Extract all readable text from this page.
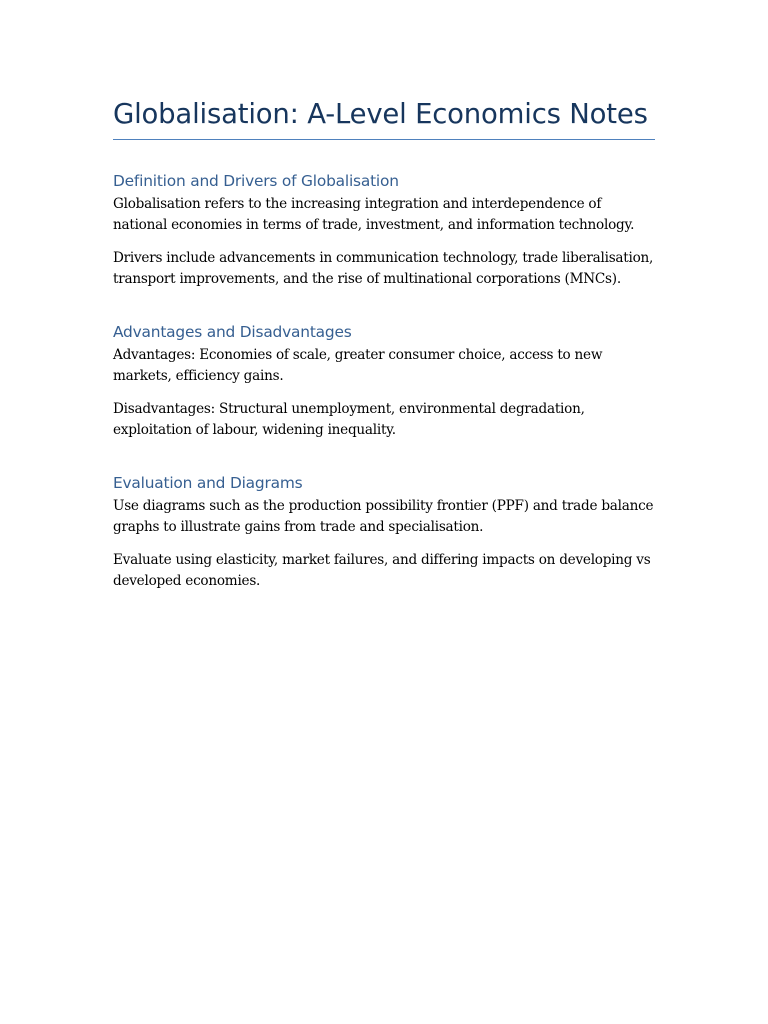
Globalisation: A-Level Economics Notes
Definition and Drivers of Globalisation

Globalisation refers to the increasing integration and interdependence of national economies in terms of trade, investment, and information technology.

Drivers include advancements in communication technology, trade liberalisation, transport improvements, and the rise of multinational corporations (MNCs).

Advantages and Disadvantages

Advantages: Economies of scale, greater consumer choice, access to new markets, efficiency gains.

Disadvantages: Structural unemployment, environmental degradation, exploitation of labour, widening inequality.

Evaluation and Diagrams

Use diagrams such as the production possibility frontier (PPF) and trade balance graphs to illustrate gains from trade and specialisation.

Evaluate using elasticity, market failures, and differing impacts on developing vs developed economies.
